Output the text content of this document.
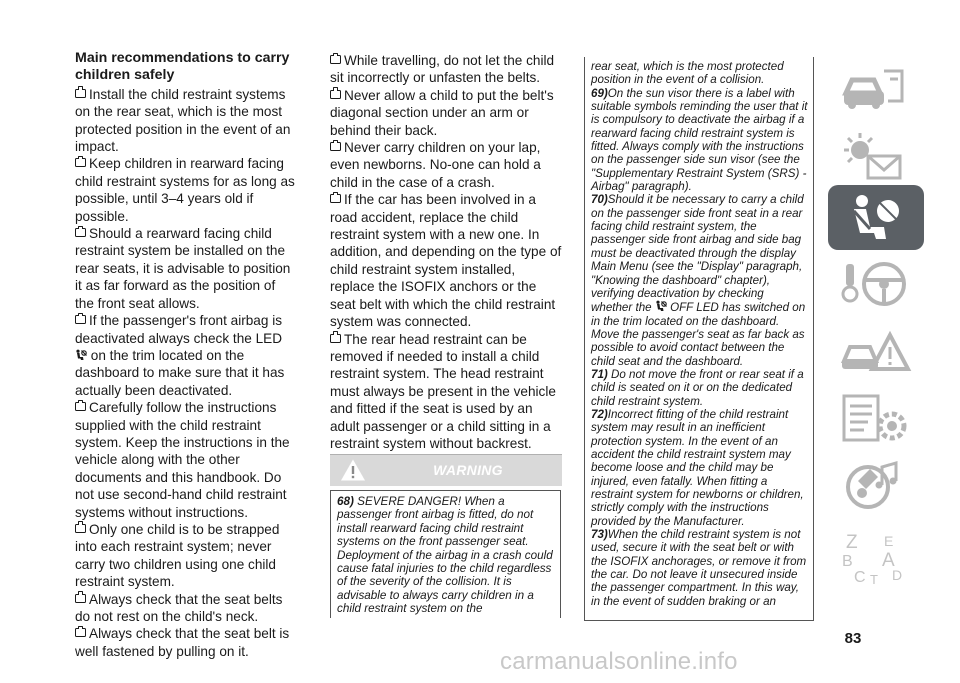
Main recommendations to carry children safely

Install the child restraint systems on the rear seat, which is the most protected position in the event of an impact.

Keep children in rearward facing child restraint systems for as long as possible, until 3–4 years old if possible.

Should a rearward facing child restraint system be installed on the rear seats, it is advisable to position it as far forward as the position of the front seat allows.

If the passenger's front airbag is deactivated always check the LED  on the trim located on the dashboard to make sure that it has actually been deactivated.

Carefully follow the instructions supplied with the child restraint system. Keep the instructions in the vehicle along with the other documents and this handbook. Do not use second-hand child restraint systems without instructions.

Only one child is to be strapped into each restraint system; never carry two children using one child restraint system.

Always check that the seat belts do not rest on the child's neck.

Always check that the seat belt is well fastened by pulling on it.

While travelling, do not let the child sit incorrectly or unfasten the belts.

Never allow a child to put the belt's diagonal section under an arm or behind their back.

Never carry children on your lap, even newborns. No-one can hold a child in the case of a crash.

If the car has been involved in a road accident, replace the child restraint system with a new one. In addition, and depending on the type of child restraint system installed, replace the ISOFIX anchors or the seat belt with which the child restraint system was connected.

The rear head restraint can be removed if needed to install a child restraint system. The head restraint must always be present in the vehicle and fitted if the seat is used by an adult passenger or a child sitting in a restraint system without backrest.

WARNING

68) SEVERE DANGER! When a passenger front airbag is fitted, do not install rearward facing child restraint systems on the front passenger seat. Deployment of the airbag in a crash could cause fatal injuries to the child regardless of the severity of the collision. It is advisable to always carry children in a child restraint system on the

rear seat, which is the most protected position in the event of a collision.

69)On the sun visor there is a label with suitable symbols reminding the user that it is compulsory to deactivate the airbag if a rearward facing child restraint system is fitted. Always comply with the instructions on the passenger side sun visor (see the "Supplementary Restraint System (SRS) - Airbag" paragraph).

70)Should it be necessary to carry a child on the passenger side front seat in a rear facing child restraint system, the passenger side front airbag and side bag must be deactivated through the display Main Menu (see the "Display" paragraph, "Knowing the dashboard" chapter), verifying deactivation by checking whether the OFF LED has switched on in the trim located on the dashboard. Move the passenger's seat as far back as possible to avoid contact between the child seat and the dashboard.

71) Do not move the front or rear seat if a child is seated on it or on the dedicated child restraint system.

72)Incorrect fitting of the child restraint system may result in an inefficient protection system. In the event of an accident the child restraint system may become loose and the child may be injured, even fatally. When fitting a restraint system for newborns or children, strictly comply with the instructions provided by the Manufacturer.

73)When the child restraint system is not used, secure it with the seat belt or with the ISOFIX anchorages, or remove it from the car. Do not leave it unsecured inside the passenger compartment. In this way, in the event of sudden braking or an

Z E
B A
C T D
83
carmanualsonline.info
